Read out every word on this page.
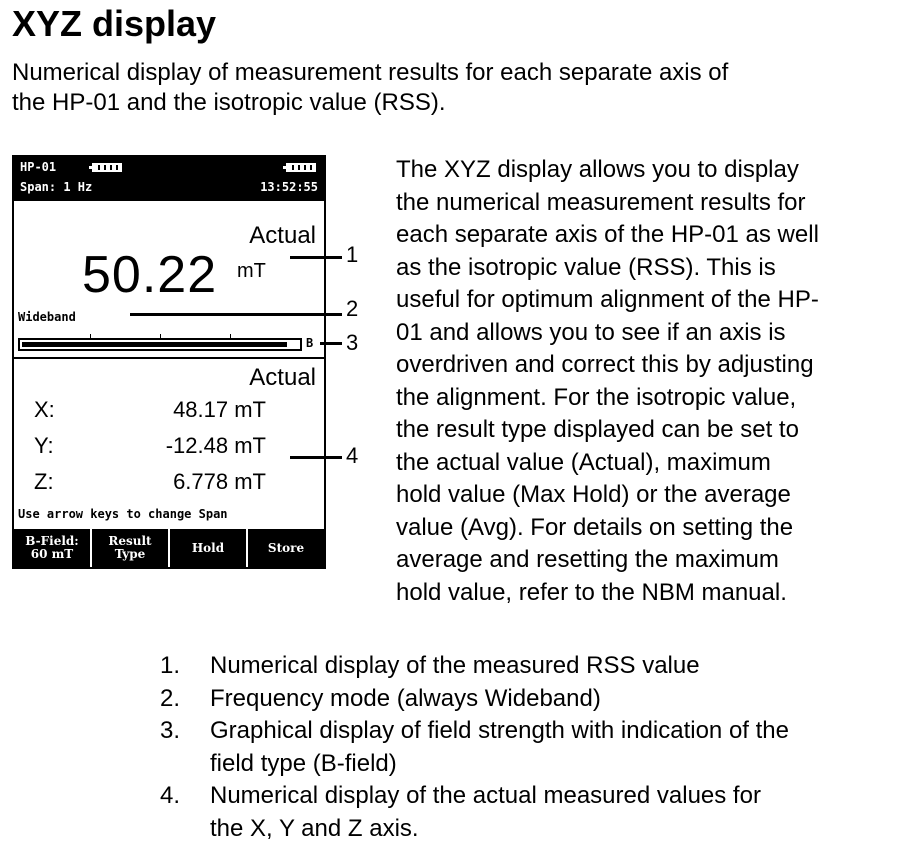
XYZ display
Numerical display of measurement results for each separate axis of
the HP-01 and the isotropic value (RSS).
HP-01
Span: 1 Hz	13:52:55
Actual
50.22 mT
Wideband
B
Actual
X:	48.17 mT
Y:	-12.48 mT
Z:	6.778 mT
Use arrow keys to change Span
B-Field:
60 mT
Result
Type	Hold	Store
1
2
3
4
The XYZ display allows you to display
the numerical measurement results for
each separate axis of the HP-01 as well
as the isotropic value (RSS). This is
useful for optimum alignment of the HP-
01 and allows you to see if an axis is
overdriven and correct this by adjusting
the alignment. For the isotropic value,
the result type displayed can be set to
the actual value (Actual), maximum
hold value (Max Hold) or the average
value (Avg). For details on setting the
average and resetting the maximum
hold value, refer to the NBM manual.
1.	Numerical display of the measured RSS value
2.	Frequency mode (always Wideband)
3.	Graphical display of field strength with indication of the
field type (B-field)
4.	Numerical display of the actual measured values for
the X, Y and Z axis.
